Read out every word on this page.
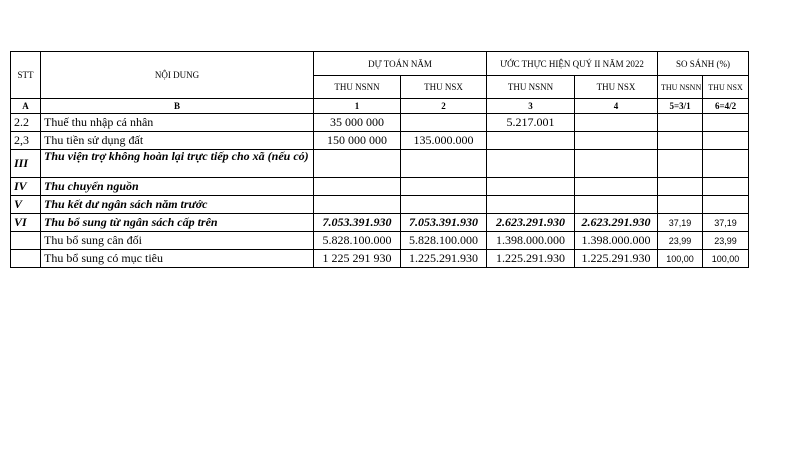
STT	NỘI DUNG	DỰ TOÁN NĂM		ƯỚC THỰC HIỆN QUÝ II NĂM 2022		SO SÁNH (%)	
		THU NSNN	THU NSX	THU NSNN	THU NSX	THU NSNN	THU NSX
A	B	1	2	3	4	5=3/1	6=4/2
2.2	Thuế thu nhập cá nhân	35 000 000		5.217.001			
2,3	Thu tiền sử dụng đất	150 000 000	135.000.000				
III	Thu viện trợ không hoàn lại trực tiếp cho xã (nếu có)						
IV	Thu chuyển nguồn						
V	Thu kết dư ngân sách năm trước						
VI	Thu bổ sung từ ngân sách cấp trên	7.053.391.930	7.053.391.930	2.623.291.930	2.623.291.930	37,19	37,19
	Thu bổ sung cân đối	5.828.100.000	5.828.100.000	1.398.000.000	1.398.000.000	23,99	23,99
	Thu bổ sung có mục tiêu	1 225 291 930	1.225.291.930	1.225.291.930	1.225.291.930	100,00	100,00
